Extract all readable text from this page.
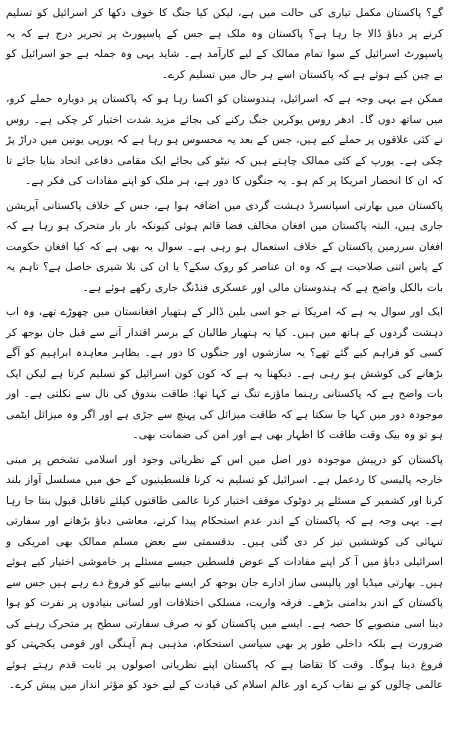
گے؟ پاکستان مکمل تیاری کی حالت میں ہے، لیکن کیا جنگ کا خوف دکھا کر اسرائیل کو تسلیم کرنے پر دباؤ ڈالا جا رہا ہے؟ پاکستان وہ ملک ہے جس کے پاسپورٹ پر تحریر درج ہے کہ یہ پاسپورٹ اسرائیل کے سوا تمام ممالک کے لیے کارآمد ہے۔ شاید یہی وہ جملہ ہے جو اسرائیل کو بے چین کیے ہوئے ہے کہ پاکستان اسے ہر حال میں تسلیم کرے۔

ممکن ہے یہی وجہ ہے کہ اسرائیل، ہندوستان کو اکسا رہا ہو کہ پاکستان پر دوبارہ حملے کرو، میں ساتھ دوں گا۔ ادھر روس یوکرین جنگ رکنے کی بجائے مزید شدت اختیار کر چکی ہے۔ روس نے کئی علاقوں پر حملے کیے ہیں، جس کے بعد یہ محسوس ہو رہا ہے کہ یورپی یونین میں دراڑ پڑ چکی ہے۔ یورپ کے کئی ممالک چاہتے ہیں کہ نیٹو کی بجائے ایک مقامی دفاعی اتحاد بنایا جائے تا کہ ان کا انحصار امریکا پر کم ہو۔ یہ جنگوں کا دور ہے، ہر ملک کو اپنے مفادات کی فکر ہے۔

پاکستان میں بھارتی اسپانسرڈ دہشت گردی میں اضافہ ہوا ہے، جس کے خلاف پاکستانی آپریشن جاری ہیں، البتہ پاکستان میں افغان مخالف فضا قائم ہوئی کیونکہ بار بار متحرک ہو رہا ہے کہ افغان سرزمین پاکستان کے خلاف استعمال ہو رہی ہے۔ سوال یہ بھی ہے کہ کیا افغان حکومت کے پاس اتنی صلاحیت ہے کہ وہ ان عناصر کو روک سکے؟ یا ان کی بلا شیری حاصل ہے؟ تاہم یہ بات بالکل واضح ہے کہ ہندوستان مالی اور عسکری فنڈنگ جاری رکھے ہوئے ہے۔

ایک اور سوال یہ ہے کہ امریکا نے جو اسی بلین ڈالر کے ہتھیار افغانستان میں چھوڑے تھے، وہ اب دہشت گردوں کے ہاتھ میں ہیں۔ کیا یہ ہتھیار طالبان کے برسر اقتدار آنے سے قبل جان بوجھ کر کسی کو فراہم کیے گئے تھے؟ یہ سازشوں اور جنگوں کا دور ہے۔ بظاہر معاہدہ ابراہیم کو آگے بڑھانے کی کوشش ہو رہی ہے۔ دیکھنا یہ ہے کہ کون کون اسرائیل کو تسلیم کرتا ہے لیکن ایک بات واضح ہے کہ پاکستانی رہنما ماؤزے تنگ نے کہا تھا: طاقت بندوق کی نال سے نکلتی ہے۔ اور موجودہ دور میں کہا جا سکتا ہے کہ طاقت میزائل کی پہنچ سے جڑی ہے اور اگر وہ میزائل ایٹمی ہو تو وہ بیک وقت طاقت کا اظہار بھی ہے اور امن کی ضمانت بھی۔

پاکستان کو درپیش موجودہ دور اصل میں اس کے نظریاتی وجود اور اسلامی تشخص پر مبنی خارجہ پالیسی کا ردعمل ہے۔ اسرائیل کو تسلیم نہ کرنا فلسطینیوں کے حق میں مسلسل آواز بلند کرنا اور کشمیر کے مسئلے پر دوٹوک موقف اختیار کرنا عالمی طاقتوں کیلئے ناقابل قبول بنتا جا رہا ہے۔ یہی وجہ ہے کہ پاکستان کے اندر عدم استحکام پیدا کرنے، معاشی دباؤ بڑھانے اور سفارتی تنہائی کی کوششیں تیز کر دی گئی ہیں۔ بدقسمتی سے بعض مسلم ممالک بھی امریکی و اسرائیلی دباؤ میں آ کر اپنے مفادات کے عوض فلسطین جیسے مسئلے پر خاموشی اختیار کیے ہوئے ہیں۔ بھارتی میڈیا اور پالیسی ساز ادارے جان بوجھ کر ایسے بیانیے کو فروغ دے رہے ہیں جس سے پاکستان کے اندر بدامنی بڑھے۔ فرقہ واریت، مسلکی اختلافات اور لسانی بنیادوں پر نفرت کو ہوا دینا اسی منصوبے کا حصہ ہے۔ ایسے میں پاکستان کو نہ صرف سفارتی سطح پر متحرک رہنے کی ضرورت ہے بلکہ داخلی طور پر بھی سیاسی استحکام، مذہبی ہم آہنگی اور قومی یکجہتی کو فروغ دینا ہوگا۔ وقت کا تقاضا ہے کہ پاکستان اپنے نظریاتی اصولوں پر ثابت قدم رہتے ہوئے عالمی چالوں کو بے نقاب کرے اور عالم اسلام کی قیادت کے لیے خود کو مؤثر انداز میں پیش کرے۔
